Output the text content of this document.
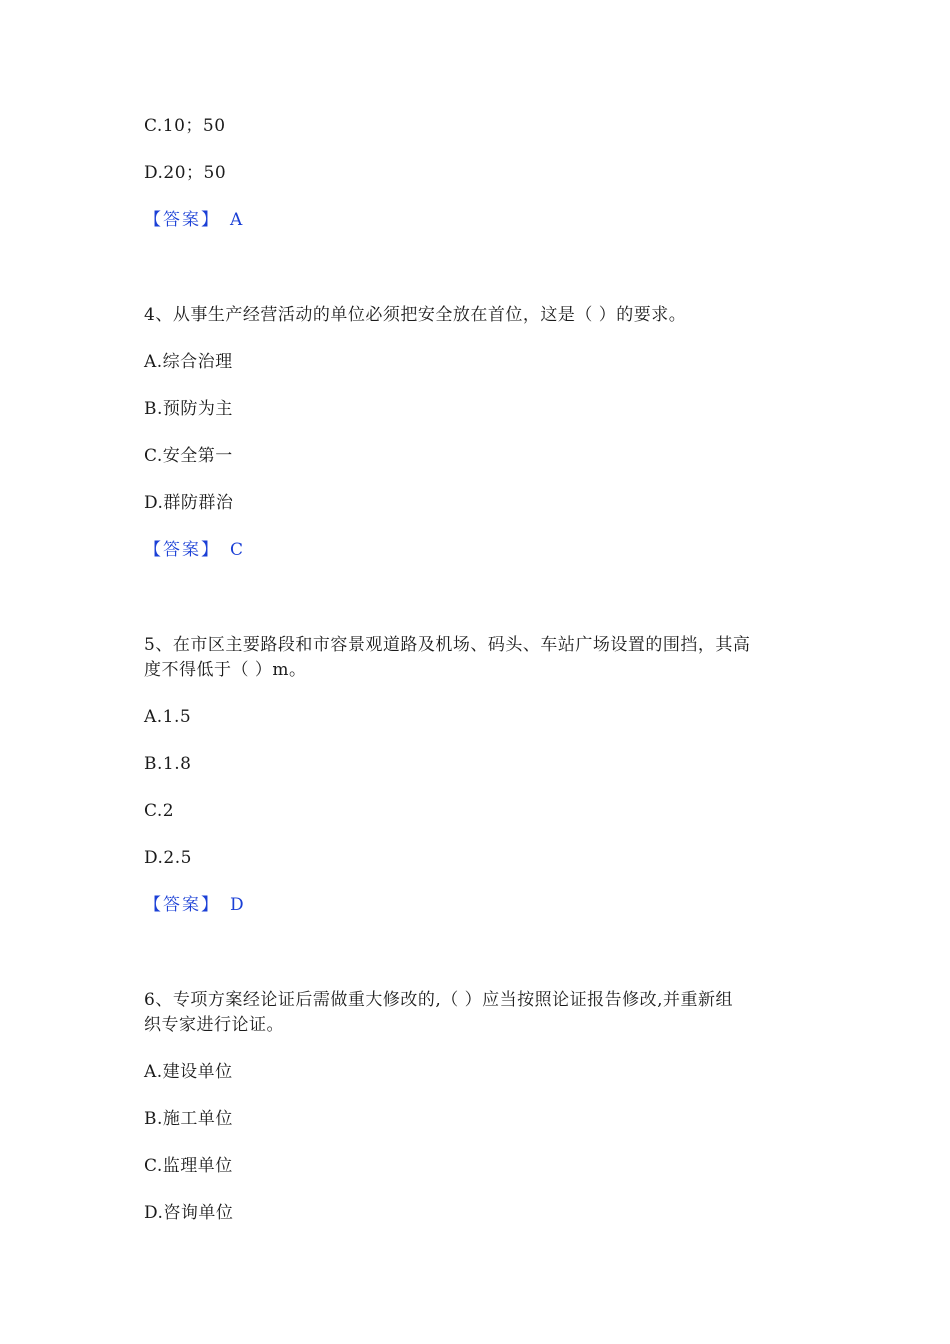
C.10；50
D.20；50
【答案】 A
4、从事生产经营活动的单位必须把安全放在首位，这是（ ）的要求。
A.综合治理
B.预防为主
C.安全第一
D.群防群治
【答案】 C
5、在市区主要路段和市容景观道路及机场、码头、车站广场设置的围挡，其高
度不得低于（ ）m。
A.1.5
B.1.8
C.2
D.2.5
【答案】 D
6、专项方案经论证后需做重大修改的,（ ）应当按照论证报告修改,并重新组
织专家进行论证。
A.建设单位
B.施工单位
C.监理单位
D.咨询单位
